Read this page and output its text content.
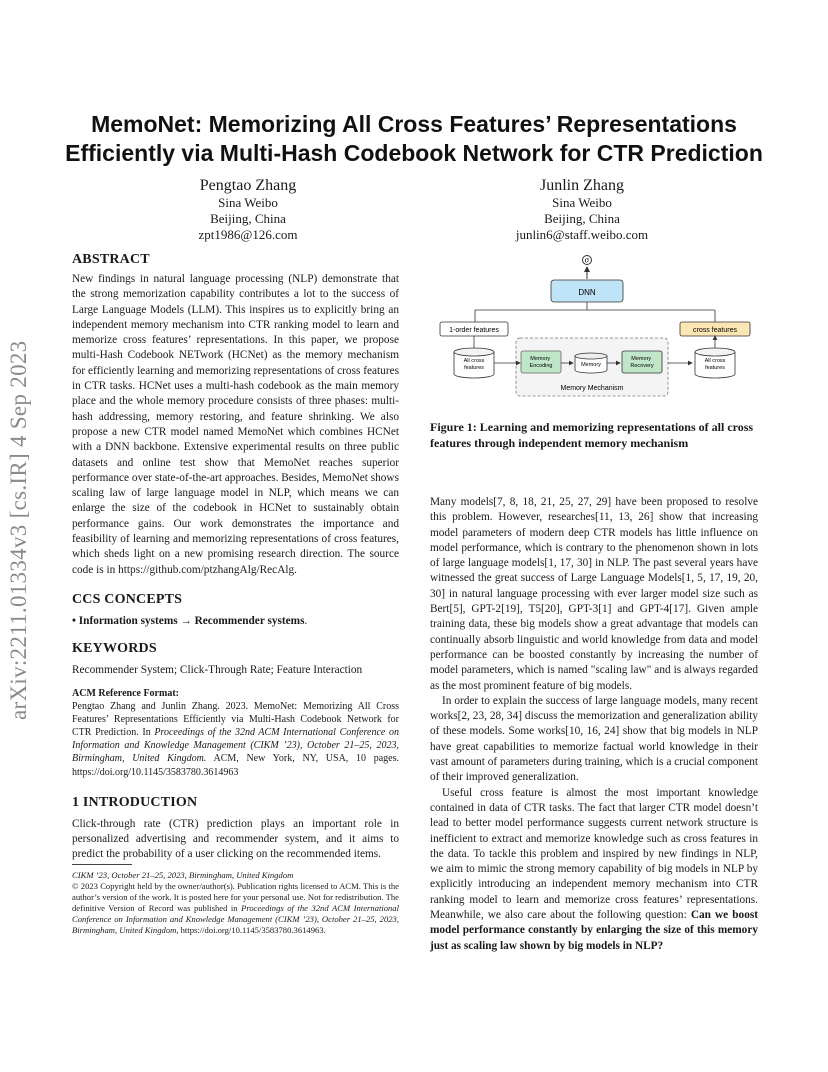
arXiv:2211.01334v3 [cs.IR] 4 Sep 2023
MemoNet: Memorizing All Cross Features’ Representations Efficiently via Multi-Hash Codebook Network for CTR Prediction
Pengtao Zhang
Sina Weibo
Beijing, China
zpt1986@126.com
Junlin Zhang
Sina Weibo
Beijing, China
junlin6@staff.weibo.com
ABSTRACT

New findings in natural language processing (NLP) demonstrate that the strong memorization capability contributes a lot to the success of Large Language Models (LLM). This inspires us to explicitly bring an independent memory mechanism into CTR ranking model to learn and memorize cross features’ representations. In this paper, we propose multi-Hash Codebook NETwork (HCNet) as the memory mechanism for efficiently learning and memorizing representations of cross features in CTR tasks. HCNet uses a multi-hash codebook as the main memory place and the whole memory procedure consists of three phases: multi-hash addressing, memory restoring, and feature shrinking. We also propose a new CTR model named MemoNet which combines HCNet with a DNN backbone. Extensive experimental results on three public datasets and online test show that MemoNet reaches superior performance over state-of-the-art approaches. Besides, MemoNet shows scaling law of large language model in NLP, which means we can enlarge the size of the codebook in HCNet to sustainably obtain performance gains. Our work demonstrates the importance and feasibility of learning and memorizing representations of cross features, which sheds light on a new promising research direction. The source code is in https://github.com/ptzhangAlg/RecAlg.

CCS CONCEPTS

• Information systems → Recommender systems.

KEYWORDS

Recommender System; Click-Through Rate; Feature Interaction

ACM Reference Format:

Pengtao Zhang and Junlin Zhang. 2023. MemoNet: Memorizing All Cross Features’ Representations Efficiently via Multi-Hash Codebook Network for CTR Prediction. In Proceedings of the 32nd ACM International Conference on Information and Knowledge Management (CIKM ’23), October 21–25, 2023, Birmingham, United Kingdom. ACM, New York, NY, USA, 10 pages. https://doi.org/10.1145/3583780.3614963

1 INTRODUCTION

Click-through rate (CTR) prediction plays an important role in personalized advertising and recommender system, and it aims to predict the probability of a user clicking on the recommended items.

CIKM ’23, October 21–25, 2023, Birmingham, United Kingdom

© 2023 Copyright held by the owner/author(s). Publication rights licensed to ACM. This is the author’s version of the work. It is posted here for your personal use. Not for redistribution. The definitive Version of Record was published in Proceedings of the 32nd ACM International Conference on Information and Knowledge Management (CIKM ’23), October 21–25, 2023, Birmingham, United Kingdom, https://doi.org/10.1145/3583780.3614963.

σ
DNN
1-order features	cross features
All cross features
Memory Encoding	Memory
Memory Recovery
All cross features
Memory Mechanism

Figure 1: Learning and memorizing representations of all cross features through independent memory mechanism

Many models[7, 8, 18, 21, 25, 27, 29] have been proposed to resolve this problem. However, researches[11, 13, 26] show that increasing model parameters of modern deep CTR models has little influence on model performance, which is contrary to the phenomenon shown in lots of large language models[1, 17, 30] in NLP. The past several years have witnessed the great success of Large Language Models[1, 5, 17, 19, 20, 30] in natural language processing with ever larger model size such as Bert[5], GPT-2[19], T5[20], GPT-3[1] and GPT-4[17]. Given ample training data, these big models show a great advantage that models can continually absorb linguistic and world knowledge from data and model performance can be boosted constantly by increasing the number of model parameters, which is named "scaling law" and is always regarded as the most prominent feature of big models.

In order to explain the success of large language models, many recent works[2, 23, 28, 34] discuss the memorization and generalization ability of these models. Some works[10, 16, 24] show that big models in NLP have great capabilities to memorize factual world knowledge in their vast amount of parameters during training, which is a crucial component of their improved generalization.

Useful cross feature is almost the most important knowledge contained in data of CTR tasks. The fact that larger CTR model doesn’t lead to better model performance suggests current network structure is inefficient to extract and memorize knowledge such as cross features in the data. To tackle this problem and inspired by new findings in NLP, we aim to mimic the strong memory capability of big models in NLP by explicitly introducing an independent memory mechanism into CTR ranking model to learn and memorize cross features’ representations. Meanwhile, we also care about the following question: Can we boost model performance constantly by enlarging the size of this memory just as scaling law shown by big models in NLP?
